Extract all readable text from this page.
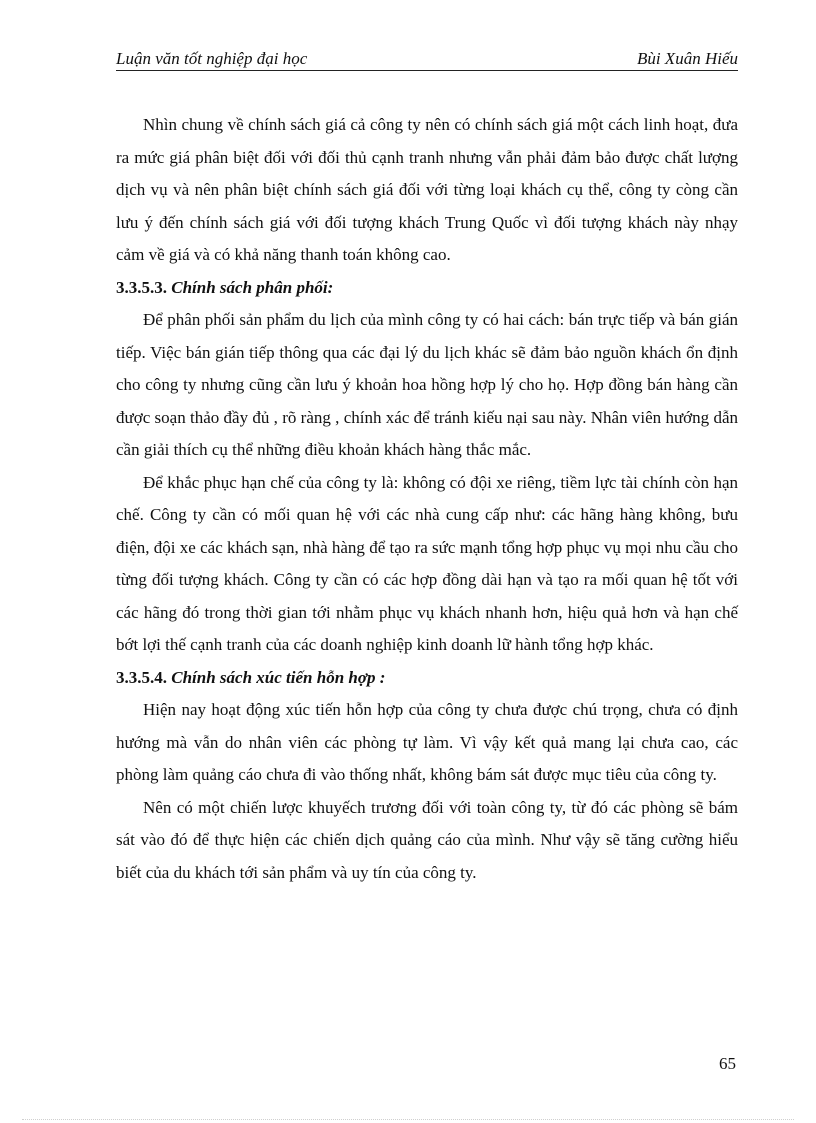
Luận văn tốt nghiệp đại học	Bùi Xuân Hiếu

Nhìn chung về chính sách giá cả công ty nên có chính sách giá một cách linh hoạt, đưa ra mức giá phân biệt đối với đối thủ cạnh tranh nhưng vẫn phải đảm bảo được chất lượng dịch vụ và nên phân biệt chính sách giá đối với từng loại khách cụ thể, công ty còng cần lưu ý đến chính sách giá với đối tượng khách Trung Quốc vì đối tượng khách này nhạy cảm về giá và có khả năng thanh toán không cao.

3.3.5.3. Chính sách phân phối:

Để phân phối sản phẩm du lịch của mình công ty có hai cách: bán trực tiếp và bán gián tiếp. Việc bán gián tiếp thông qua các đại lý du lịch khác sẽ đảm bảo nguồn khách ổn định cho công ty nhưng cũng cần lưu ý khoản hoa hồng hợp lý cho họ. Hợp đồng bán hàng cần được soạn thảo đầy đủ , rõ ràng , chính xác để tránh kiếu nại sau này. Nhân viên hướng dẫn cần giải thích cụ thể những điều khoản khách hàng thắc mắc.

Để khắc phục hạn chế của công ty là: không có đội xe riêng, tiềm lực tài chính còn hạn chế. Công ty cần có mối quan hệ với các nhà cung cấp như: các hãng hàng không, bưu điện, đội xe các khách sạn, nhà hàng để tạo ra sức mạnh tổng hợp phục vụ mọi nhu cầu cho từng đối tượng khách. Công ty cần có các hợp đồng dài hạn và tạo ra mối quan hệ tốt với các hãng đó trong thời gian tới nhằm phục vụ khách nhanh hơn, hiệu quả hơn và hạn chế bớt lợi thế cạnh tranh của các doanh nghiệp kinh doanh lữ hành tổng hợp khác.

3.3.5.4. Chính sách xúc tiến hỗn hợp :

Hiện nay hoạt động xúc tiến hỗn hợp của công ty chưa được chú trọng, chưa có định hướng mà vẫn do nhân viên các phòng tự làm. Vì vậy kết quả mang lại chưa cao, các phòng làm quảng cáo chưa đi vào thống nhất, không bám sát được mục tiêu của công ty.

Nên có một chiến lược khuyếch trương đối với toàn công ty, từ đó các phòng sẽ bám sát vào đó để thực hiện các chiến dịch quảng cáo của mình. Như vậy sẽ tăng cường hiểu biết của du khách tới sản phẩm và uy tín của công ty.

65
